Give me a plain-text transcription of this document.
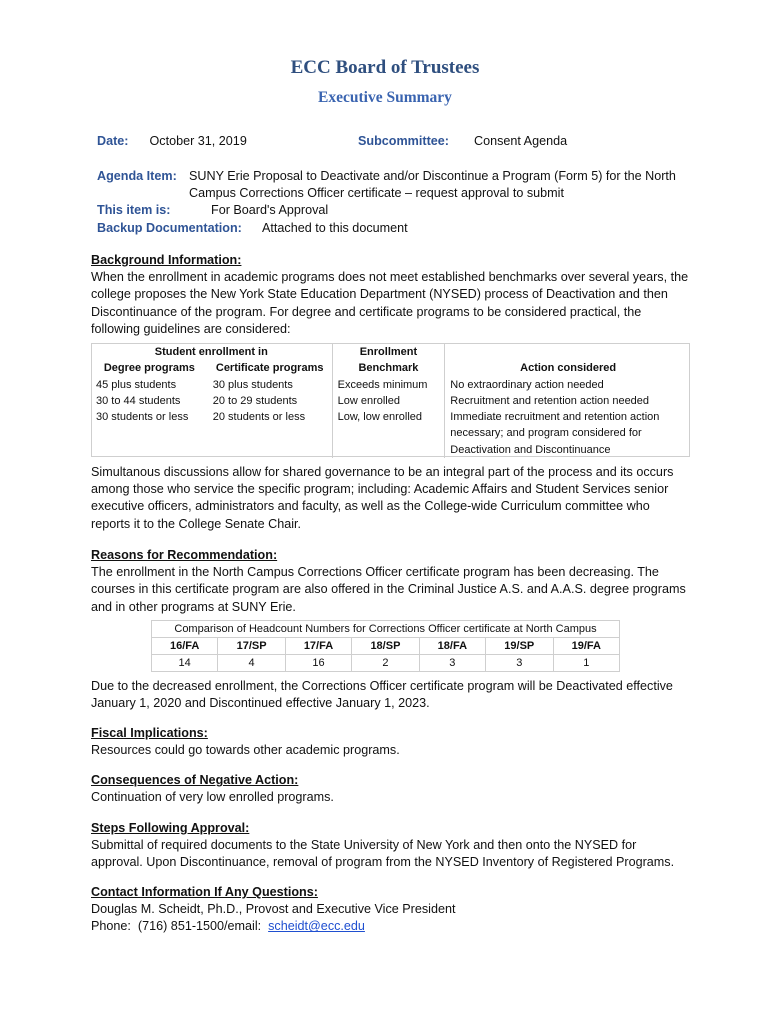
ECC Board of Trustees
Executive Summary
Date: October 31, 2019	Subcommittee: Consent Agenda
Agenda Item: SUNY Erie Proposal to Deactivate and/or Discontinue a Program (Form 5) for the North
Campus Corrections Officer certificate – request approval to submit
This item is:	For Board's Approval
Backup Documentation: Attached to this document
Background Information:
When the enrollment in academic programs does not meet established benchmarks over several years, the college proposes the New York State Education Department (NYSED) process of Deactivation and then Discontinuance of the program. For degree and certificate programs to be considered practical, the following guidelines are considered:
Student enrollment in		Enrollment	
Degree programs	Certificate programs	Benchmark	Action considered
45 plus students	30 plus students	Exceeds minimum	No extraordinary action needed
30 to 44 students	20 to 29 students	Low enrolled	Recruitment and retention action needed
30 students or less	20 students or less	Low, low enrolled	Immediate recruitment and retention action necessary; and program considered for Deactivation and Discontinuance
Simultanous discussions allow for shared governance to be an integral part of the process and its occurs among those who service the specific program; including: Academic Affairs and Student Services senior executive officers, administrators and faculty, as well as the College-wide Curriculum committee who reports it to the College Senate Chair.
Reasons for Recommendation:
The enrollment in the North Campus Corrections Officer certificate program has been decreasing. The courses in this certificate program are also offered in the Criminal Justice A.S. and A.A.S. degree programs and in other programs at SUNY Erie.
Comparison of Headcount Numbers for Corrections Officer certificate at North Campus						
16/FA	17/SP	17/FA	18/SP	18/FA	19/SP	19/FA
14	4	16	2	3	3	1
Due to the decreased enrollment, the Corrections Officer certificate program will be Deactivated effective January 1, 2020 and Discontinued effective January 1, 2023.
Fiscal Implications:
Resources could go towards other academic programs.
Consequences of Negative Action:
Continuation of very low enrolled programs.
Steps Following Approval:
Submittal of required documents to the State University of New York and then onto the NYSED for approval. Upon Discontinuance, removal of program from the NYSED Inventory of Registered Programs.
Contact Information If Any Questions:
Douglas M. Scheidt, Ph.D., Provost and Executive Vice President
Phone:  (716) 851-1500/email:  scheidt@ecc.edu
